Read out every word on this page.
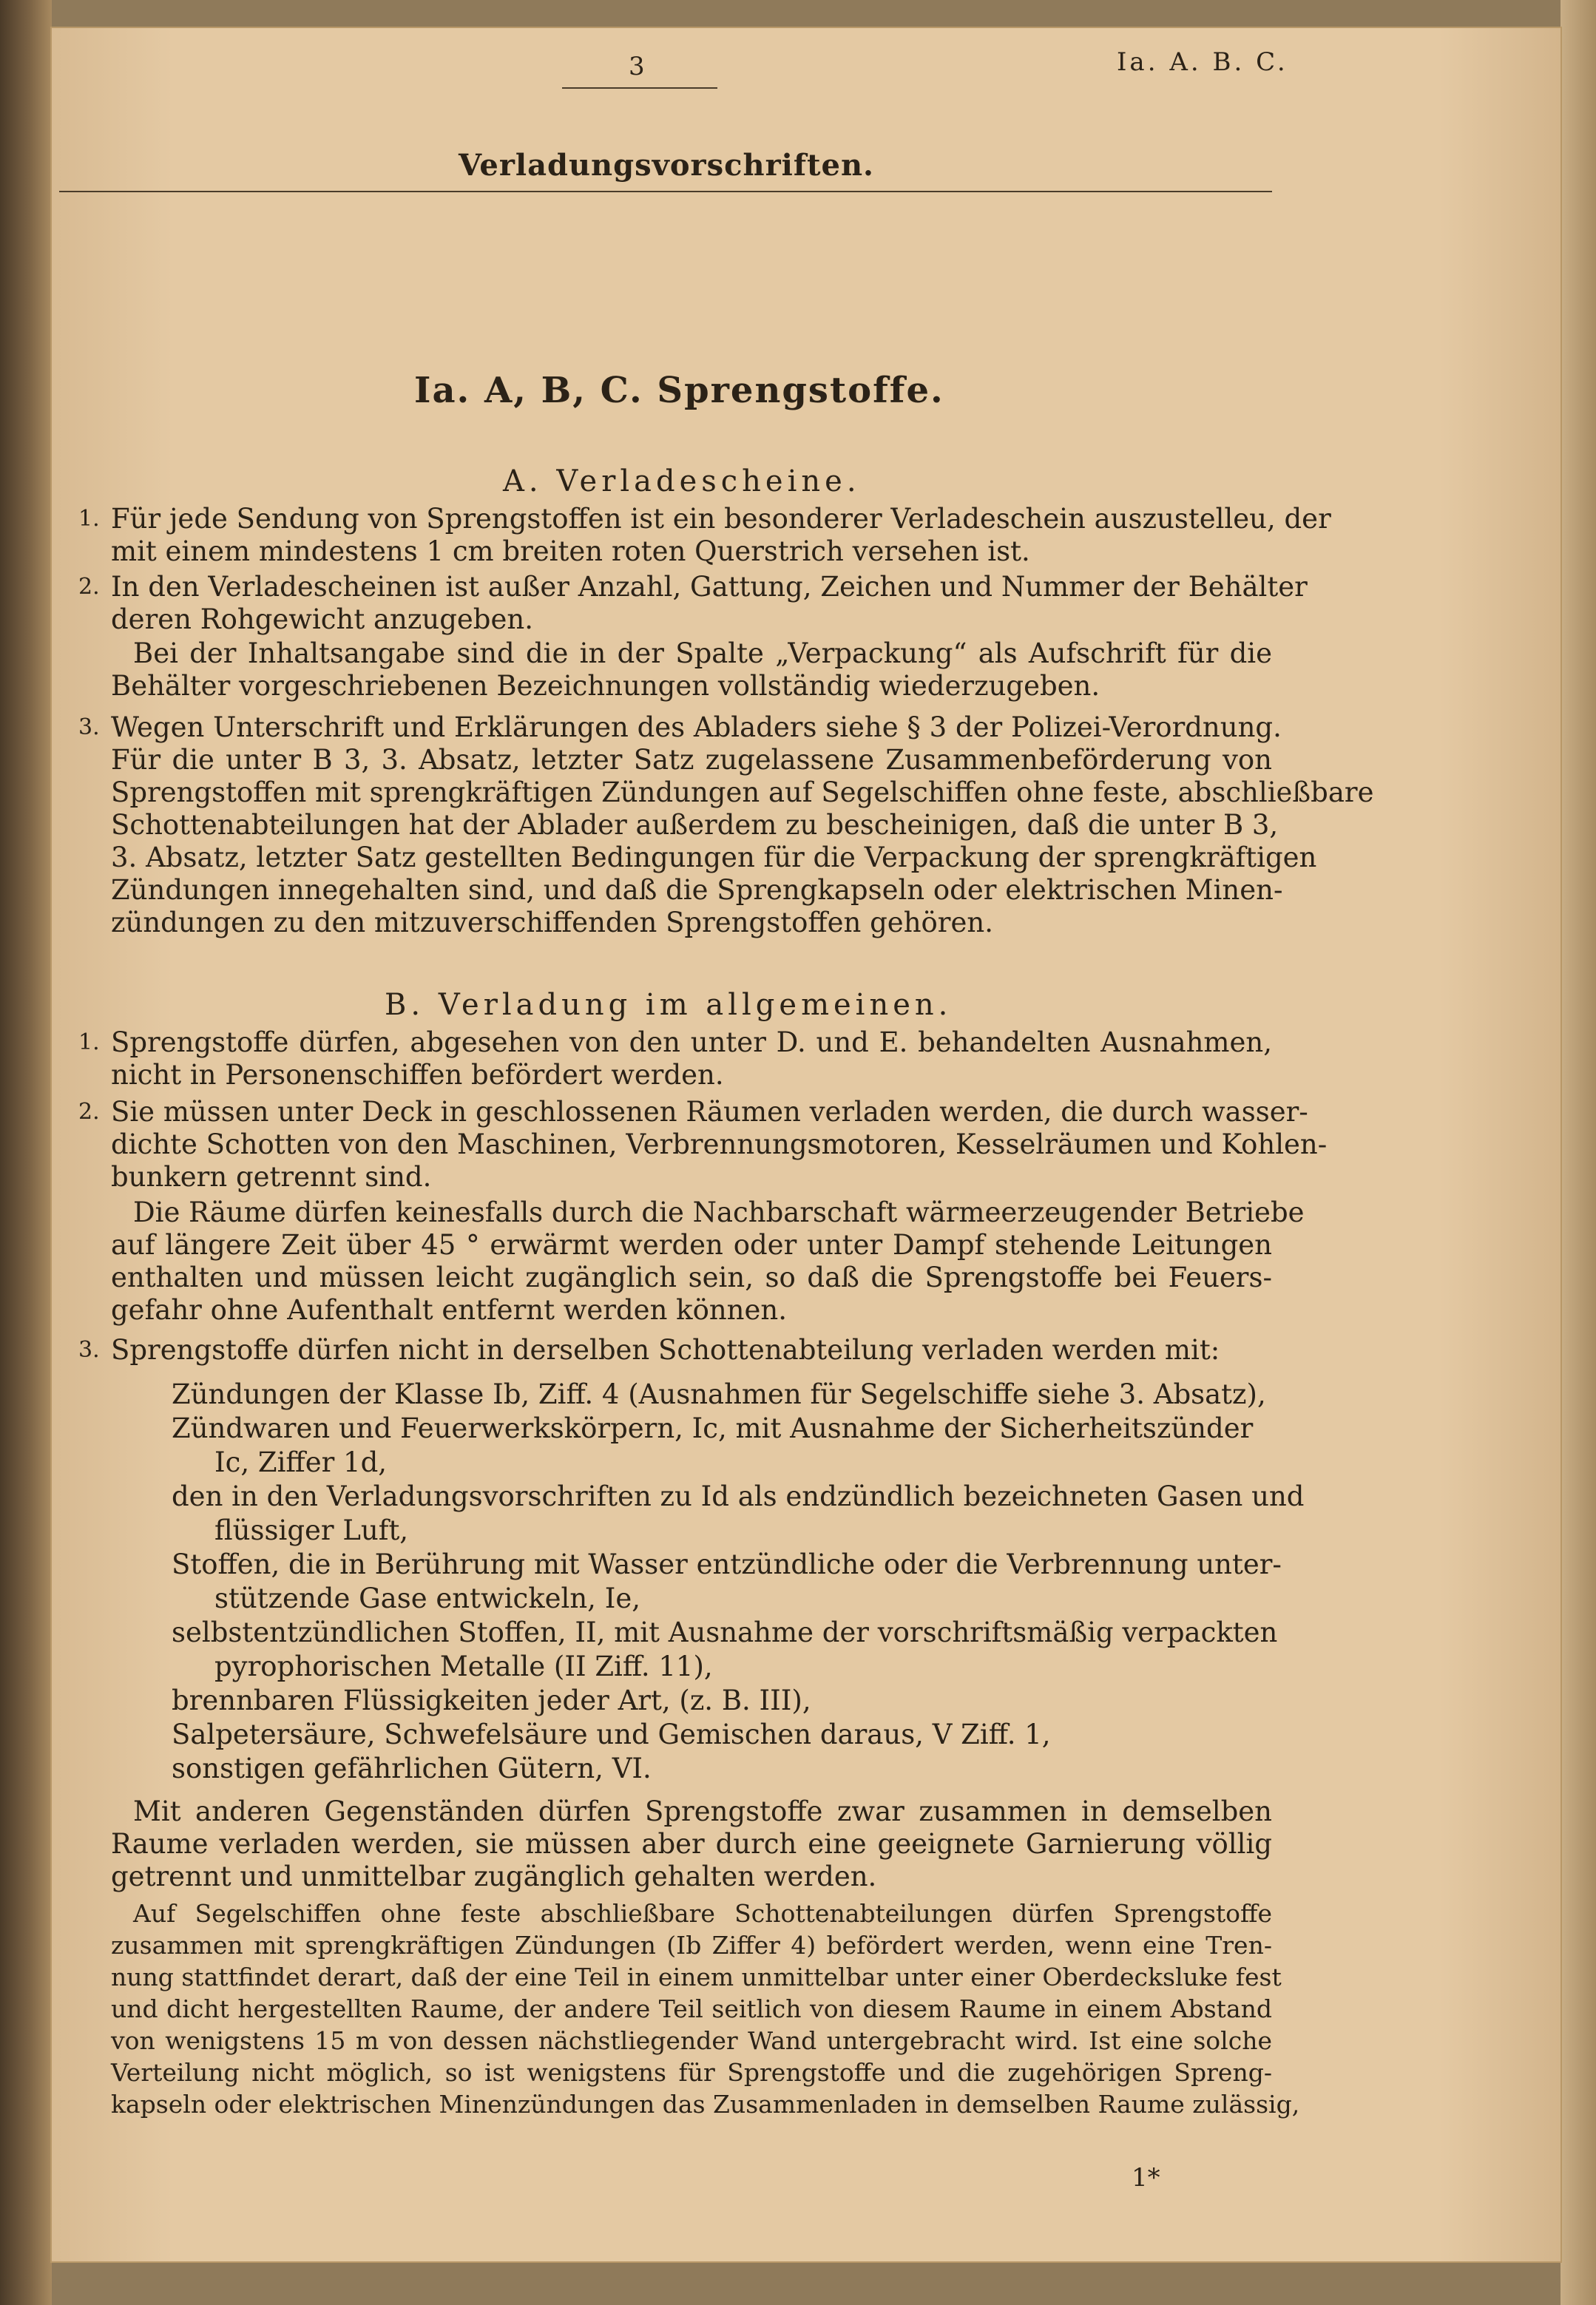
3	Ia. A. B. C.
Verladungsvorschriften.
Ia. A, B, C. Sprengstoffe.
A. Verladescheine.
1. Für jede Sendung von Sprengstoffen ist ein besonderer Verladeschein auszustelleu, der
mit einem mindestens 1 cm breiten roten Querstrich versehen ist.
2. In den Verladescheinen ist außer Anzahl, Gattung, Zeichen und Nummer der Behälter
deren Rohgewicht anzugeben.
Bei der Inhaltsangabe sind die in der Spalte „Verpackung“ als Aufschrift für die
Behälter vorgeschriebenen Bezeichnungen vollständig wiederzugeben.
3. Wegen Unterschrift und Erklärungen des Abladers siehe § 3 der Polizei-Verordnung.
Für die unter B 3, 3. Absatz, letzter Satz zugelassene Zusammenbeförderung von
Sprengstoffen mit sprengkräftigen Zündungen auf Segelschiffen ohne feste, abschließbare
Schottenabteilungen hat der Ablader außerdem zu bescheinigen, daß die unter B 3,
3. Absatz, letzter Satz gestellten Bedingungen für die Verpackung der sprengkräftigen
Zündungen innegehalten sind, und daß die Sprengkapseln oder elektrischen Minen-
zündungen zu den mitzuverschiffenden Sprengstoffen gehören.
B. Verladung im allgemeinen.
1. Sprengstoffe dürfen, abgesehen von den unter D. und E. behandelten Ausnahmen,
nicht in Personenschiffen befördert werden.
2. Sie müssen unter Deck in geschlossenen Räumen verladen werden, die durch wasser-
dichte Schotten von den Maschinen, Verbrennungsmotoren, Kesselräumen und Kohlen-
bunkern getrennt sind.
Die Räume dürfen keinesfalls durch die Nachbarschaft wärmeerzeugender Betriebe
auf längere Zeit über 45 ° erwärmt werden oder unter Dampf stehende Leitungen
enthalten und müssen leicht zugänglich sein, so daß die Sprengstoffe bei Feuers-
gefahr ohne Aufenthalt entfernt werden können.
3. Sprengstoffe dürfen nicht in derselben Schottenabteilung verladen werden mit:
Zündungen der Klasse Ib, Ziff. 4 (Ausnahmen für Segelschiffe siehe 3. Absatz),
Zündwaren und Feuerwerkskörpern, Ic, mit Ausnahme der Sicherheitszünder
Ic, Ziffer 1d,
den in den Verladungsvorschriften zu Id als endzündlich bezeichneten Gasen und
flüssiger Luft,
Stoffen, die in Berührung mit Wasser entzündliche oder die Verbrennung unter-
stützende Gase entwickeln, Ie,
selbstentzündlichen Stoffen, II, mit Ausnahme der vorschriftsmäßig verpackten
pyrophorischen Metalle (II Ziff. 11),
brennbaren Flüssigkeiten jeder Art, (z. B. III),
Salpetersäure, Schwefelsäure und Gemischen daraus, V Ziff. 1,
sonstigen gefährlichen Gütern, VI.
Mit anderen Gegenständen dürfen Sprengstoffe zwar zusammen in demselben
Raume verladen werden, sie müssen aber durch eine geeignete Garnierung völlig
getrennt und unmittelbar zugänglich gehalten werden.
Auf Segelschiffen ohne feste abschließbare Schottenabteilungen dürfen Sprengstoffe
zusammen mit sprengkräftigen Zündungen (Ib Ziffer 4) befördert werden, wenn eine Tren-
nung stattfindet derart, daß der eine Teil in einem unmittelbar unter einer Oberdecksluke fest
und dicht hergestellten Raume, der andere Teil seitlich von diesem Raume in einem Abstand
von wenigstens 15 m von dessen nächstliegender Wand untergebracht wird. Ist eine solche
Verteilung nicht möglich, so ist wenigstens für Sprengstoffe und die zugehörigen Spreng-
kapseln oder elektrischen Minenzündungen das Zusammenladen in demselben Raume zulässig,
1*
